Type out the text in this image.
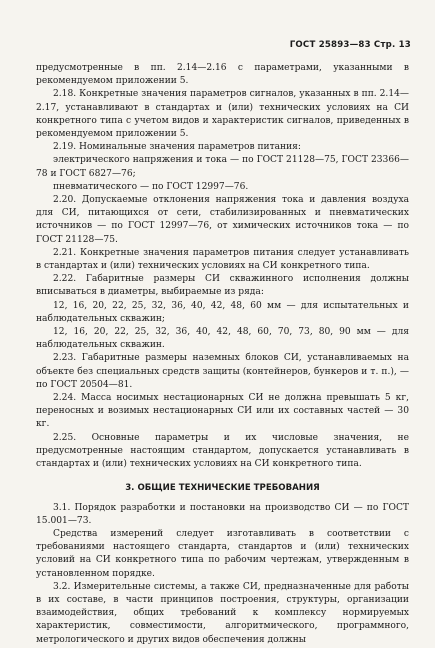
ГОСТ 25893—83 Стр. 13

предусмотренные в пп. 2.14—2.16 с параметрами, указанными в рекомендуемом приложении 5.

2.18. Конкретные значения параметров сигналов, указанных в пп. 2.14—2.17, устанавливают в стандартах и (или) технических условиях на СИ конкретного типа с учетом видов и характеристик сигналов, приведенных в рекомендуемом приложении 5.

2.19. Номинальные значения параметров питания:

электрического напряжения и тока — по ГОСТ 21128—75, ГОСТ 23366—78 и ГОСТ 6827—76;

пневматического — по ГОСТ 12997—76.

2.20. Допускаемые отклонения напряжения тока и давления воздуха для СИ, питающихся от сети, стабилизированных и пневматических источников — по ГОСТ 12997—76, от химических источников тока — по ГОСТ 21128—75.

2.21. Конкретные значения параметров питания следует устанавливать в стандартах и (или) технических условиях на СИ конкретного типа.

2.22. Габаритные размеры СИ скважинного исполнения должны вписываться в диаметры, выбираемые из ряда:

12, 16, 20, 22, 25, 32, 36, 40, 42, 48, 60 мм — для испытательных и наблюдательных скважин;

12, 16, 20, 22, 25, 32, 36, 40, 42, 48, 60, 70, 73, 80, 90 мм — для наблюдательных скважин.

2.23. Габаритные размеры наземных блоков СИ, устанавливаемых на объекте без специальных средств защиты (контейнеров, бункеров и т. п.), — по ГОСТ 20504—81.

2.24. Масса носимых нестационарных СИ не должна превышать 5 кг, переносных и возимых нестационарных СИ или их составных частей — 30 кг.

2.25. Основные параметры и их числовые значения, не предусмотренные настоящим стандартом, допускается устанавливать в стандартах и (или) технических условиях на СИ конкретного типа.

3. ОБЩИЕ ТЕХНИЧЕСКИЕ ТРЕБОВАНИЯ

3.1. Порядок разработки и постановки на производство СИ — по ГОСТ 15.001—73.

Средства измерений следует изготавливать в соответствии с требованиями настоящего стандарта, стандартов и (или) технических условий на СИ конкретного типа по рабочим чертежам, утвержденным в установленном порядке.

3.2. Измерительные системы, а также СИ, предназначенные для работы в их составе, в части принципов построения, структуры, организации взаимодействия, общих требований к комплексу нормируемых характеристик, совместимости, алгоритмического, программного, метрологического и других видов обеспечения должны
